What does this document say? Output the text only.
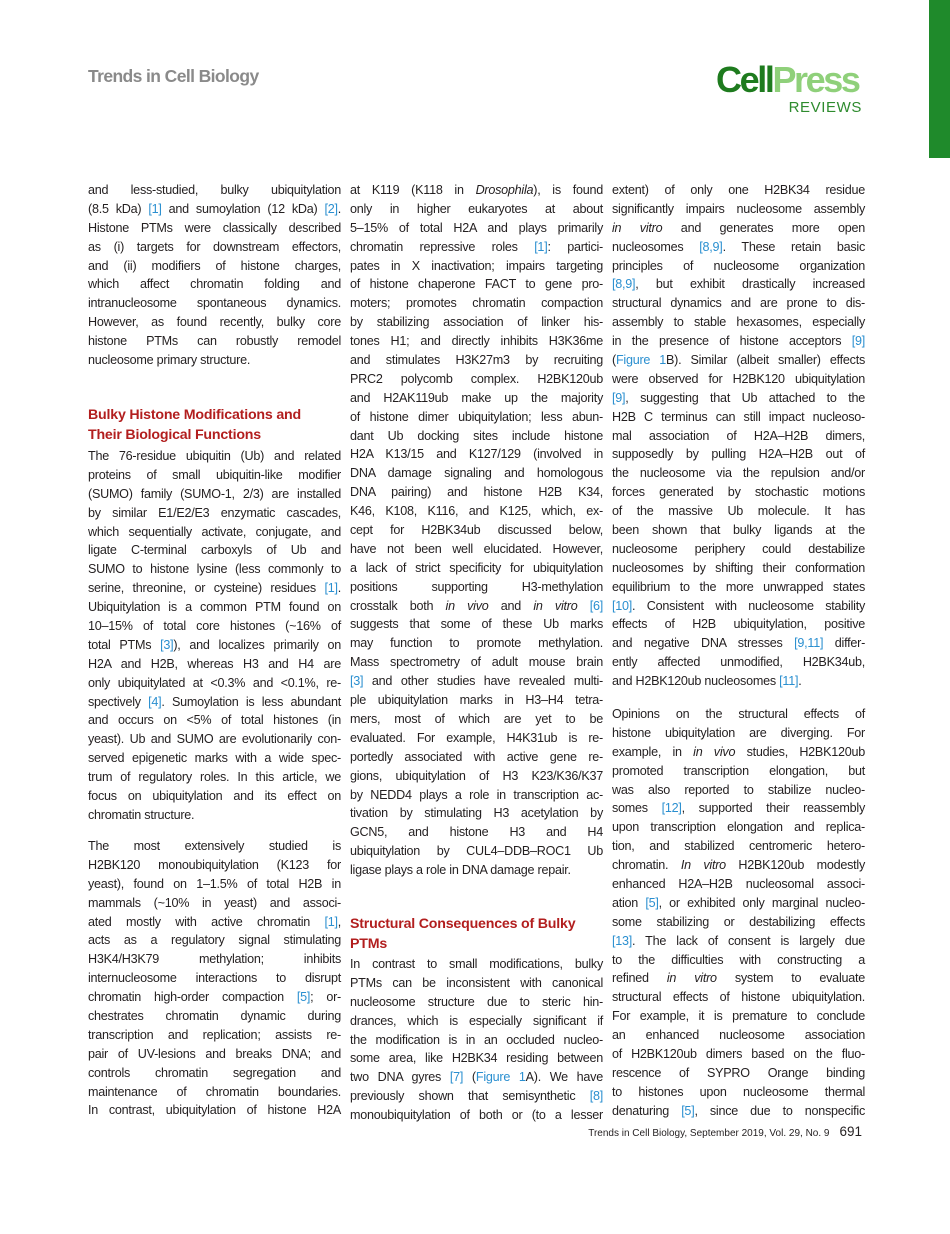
Trends in Cell Biology	CellPress
REVIEWS
and less-studied, bulky ubiquitylation
(8.5 kDa) [1] and sumoylation (12 kDa) [2].
Histone PTMs were classically described
as (i) targets for downstream effectors,
and (ii) modifiers of histone charges,
which affect chromatin folding and
intranucleosome spontaneous dynamics.
However, as found recently, bulky core
histone PTMs can robustly remodel
nucleosome primary structure.
Bulky Histone Modifications and
Their Biological Functions
The 76-residue ubiquitin (Ub) and related
proteins of small ubiquitin-like modifier
(SUMO) family (SUMO-1, 2/3) are installed
by similar E1/E2/E3 enzymatic cascades,
which sequentially activate, conjugate, and
ligate C-terminal carboxyls of Ub and
SUMO to histone lysine (less commonly to
serine, threonine, or cysteine) residues [1].
Ubiquitylation is a common PTM found on
10–15% of total core histones (~16% of
total PTMs [3]), and localizes primarily on
H2A and H2B, whereas H3 and H4 are
only ubiquitylated at <0.3% and <0.1%, re-
spectively [4]. Sumoylation is less abundant
and occurs on <5% of total histones (in
yeast). Ub and SUMO are evolutionarily con-
served epigenetic marks with a wide spec-
trum of regulatory roles. In this article, we
focus on ubiquitylation and its effect on
chromatin structure.
The most extensively studied is
H2BK120 monoubiquitylation (K123 for
yeast), found on 1–1.5% of total H2B in
mammals (~10% in yeast) and associ-
ated mostly with active chromatin [1],
acts as a regulatory signal stimulating
H3K4/H3K79 methylation; inhibits
internucleosome interactions to disrupt
chromatin high-order compaction [5]; or-
chestrates chromatin dynamic during
transcription and replication; assists re-
pair of UV-lesions and breaks DNA; and
controls chromatin segregation and
maintenance of chromatin boundaries.
In contrast, ubiquitylation of histone H2A
at K119 (K118 in Drosophila), is found
only in higher eukaryotes at about
5–15% of total H2A and plays primarily
chromatin repressive roles [1]: partici-
pates in X inactivation; impairs targeting
of histone chaperone FACT to gene pro-
moters; promotes chromatin compaction
by stabilizing association of linker his-
tones H1; and directly inhibits H3K36me
and stimulates H3K27m3 by recruiting
PRC2 polycomb complex. H2BK120ub
and H2AK119ub make up the majority
of histone dimer ubiquitylation; less abun-
dant Ub docking sites include histone
H2A K13/15 and K127/129 (involved in
DNA damage signaling and homologous
DNA pairing) and histone H2B K34,
K46, K108, K116, and K125, which, ex-
cept for H2BK34ub discussed below,
have not been well elucidated. However,
a lack of strict specificity for ubiquitylation
positions supporting H3-methylation
crosstalk both in vivo and in vitro [6]
suggests that some of these Ub marks
may function to promote methylation.
Mass spectrometry of adult mouse brain
[3] and other studies have revealed multi-
ple ubiquitylation marks in H3–H4 tetra-
mers, most of which are yet to be
evaluated. For example, H4K31ub is re-
portedly associated with active gene re-
gions, ubiquitylation of H3 K23/K36/K37
by NEDD4 plays a role in transcription ac-
tivation by stimulating H3 acetylation by
GCN5, and histone H3 and H4
ubiquitylation by CUL4–DDB–ROC1 Ub
ligase plays a role in DNA damage repair.
Structural Consequences of Bulky
PTMs
In contrast to small modifications, bulky
PTMs can be inconsistent with canonical
nucleosome structure due to steric hin-
drances, which is especially significant if
the modification is in an occluded nucleo-
some area, like H2BK34 residing between
two DNA gyres [7] (Figure 1A). We have
previously shown that semisynthetic [8]
monoubiquitylation of both or (to a lesser
extent) of only one H2BK34 residue
significantly impairs nucleosome assembly
in vitro and generates more open
nucleosomes [8,9]. These retain basic
principles of nucleosome organization
[8,9], but exhibit drastically increased
structural dynamics and are prone to dis-
assembly to stable hexasomes, especially
in the presence of histone acceptors [9]
(Figure 1B). Similar (albeit smaller) effects
were observed for H2BK120 ubiquitylation
[9], suggesting that Ub attached to the
H2B C terminus can still impact nucleoso-
mal association of H2A–H2B dimers,
supposedly by pulling H2A–H2B out of
the nucleosome via the repulsion and/or
forces generated by stochastic motions
of the massive Ub molecule. It has
been shown that bulky ligands at the
nucleosome periphery could destabilize
nucleosomes by shifting their conformation
equilibrium to the more unwrapped states
[10]. Consistent with nucleosome stability
effects of H2B ubiquitylation, positive
and negative DNA stresses [9,11] differ-
ently affected unmodified, H2BK34ub,
and H2BK120ub nucleosomes [11].
Opinions on the structural effects of
histone ubiquitylation are diverging. For
example, in in vivo studies, H2BK120ub
promoted transcription elongation, but
was also reported to stabilize nucleo-
somes [12], supported their reassembly
upon transcription elongation and replica-
tion, and stabilized centromeric hetero-
chromatin. In vitro H2BK120ub modestly
enhanced H2A–H2B nucleosomal associ-
ation [5], or exhibited only marginal nucleo-
some stabilizing or destabilizing effects
[13]. The lack of consent is largely due
to the difficulties with constructing a
refined in vitro system to evaluate
structural effects of histone ubiquitylation.
For example, it is premature to conclude
an enhanced nucleosome association
of H2BK120ub dimers based on the fluo-
rescence of SYPRO Orange binding
to histones upon nucleosome thermal
denaturing [5], since due to nonspecific
Trends in Cell Biology, September 2019, Vol. 29, No. 9 691
